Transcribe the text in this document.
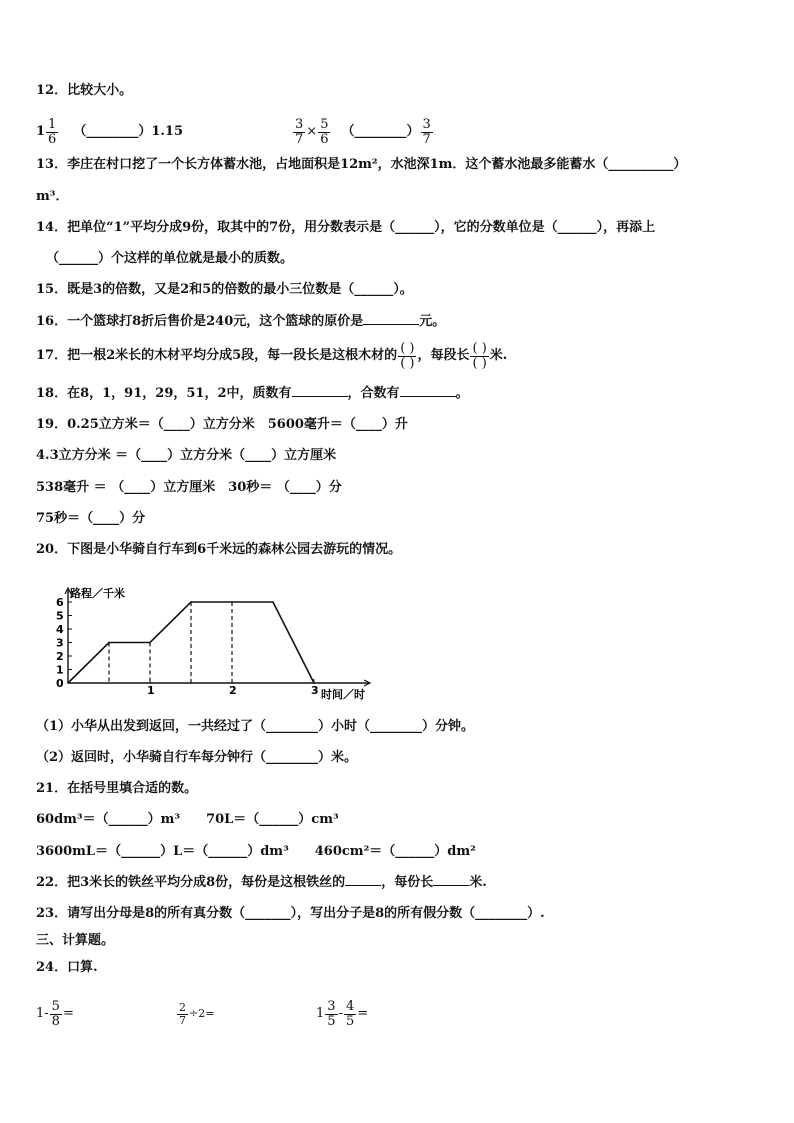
12．比较大小。
$1 \frac{1}{6}$ （________） 1.15	$\frac{3}{7} \times \frac{5}{6}$ （________） $\frac{3}{7}$
13．李庄在村口挖了一个长方体蓄水池，占地面积是12m²，水池深1m．这个蓄水池最多能蓄水（__________）
m³．
14．把单位“1”平均分成9份，取其中的7份，用分数表示是（______），它的分数单位是（______），再添上
（______）个这样的单位就是最小的质数。
15．既是3的倍数，又是2和5的倍数的最小三位数是（______）。
16．一个篮球打8折后售价是240元，这个篮球的原价是	元。
17．把一根2米长的木材平均分成5段，每一段长是这根木材的 $\frac{( )}{( )}$ ，每段长 $\frac{( )}{( )}$ 米.
18．在8，1，91，29，51，2中，质数有	，合数有	。
19．0.25立方米＝（____）立方分米　5600毫升＝（____）升
4.3立方分米 ＝（____）立方分米（____）立方厘米
538毫升 ＝ （____）立方厘米　30秒＝ （____）分
75秒＝（____）分
20．下图是小华骑自行车到6千米远的森林公园去游玩的情况。
0
1
2
3
4
5
6
1	2	3
路程／千米
时间／时
（1）小华从出发到返回，一共经过了（________）小时（________）分钟。
（2）返回时，小华骑自行车每分钟行（________）米。
21．在括号里填合适的数。
60dm³＝（______）m³　　70L＝（______）cm³
3600mL＝（______）L＝（______）dm³　　460cm²＝（______）dm²
22．把3米长的铁丝平均分成8份，每份是这根铁丝的	，每份长	米.
23．请写出分母是8的所有真分数（_______），写出分子是8的所有假分数（________）.
三、计算题。
24．口算.
$1- \frac{5}{8}$ =	$\frac{2}{7} \div 2=$	$1 \frac{3}{5} - \frac{4}{5}$ =
